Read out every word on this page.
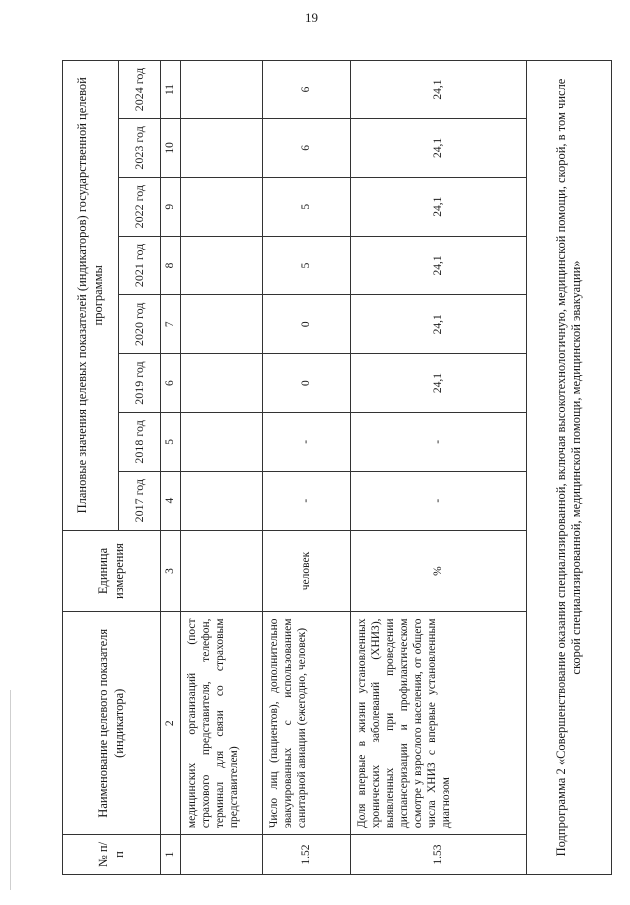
19
№ п/п	Наименование целевого показателя (индикатора)	Единица измерения	Плановые значения целевых показателей (индикаторов) государственной целевой программы							
			2017 год	2018 год	2019 год	2020 год	2021 год	2022 год	2023 год	2024 год
1	2	3	4	5	6	7	8	9	10	11
	медицинских организаций (пост страхового представителя, телефон, терминал для связи со страховым представителем)									
1.52	Число лиц (пациентов), дополнительно эвакуированных с использованием санитарной авиации (ежегодно, человек)	человек	-	-	0	0	5	5	6	6
1.53	Доля впервые в жизни установленных хронических заболеваний (ХНИЗ), выявленных при проведении диспансеризации и профилактическом осмотре у взрослого населения, от общего числа ХНИЗ с впервые установленным диагнозом	%	-	-	24,1	24,1	24,1	24,1	24,1	24,1
Подпрограмма 2 «Совершенствование оказания специализированной, включая высокотехнологичную, медицинской помощи, скорой, в том числе скорой специализированной, медицинской помощи, медицинской эвакуации»										
